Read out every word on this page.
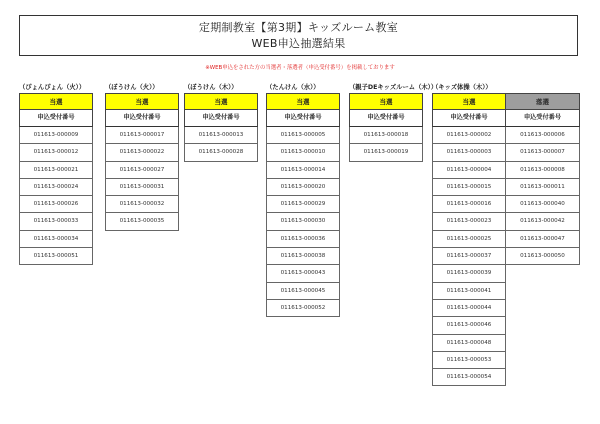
定期制教室【第3期】キッズルーム教室
WEB申込抽選結果
※WEB申込をされた方の当選者・落選者（申込受付番号）を掲載しております
（ぴょんぴょん（火））
当選
申込受付番号
011613-000009
011613-000012
011613-000021
011613-000024
011613-000026
011613-000033
011613-000034
011613-000051
（ぼうけん（火））
当選
申込受付番号
011613-000017
011613-000022
011613-000027
011613-000031
011613-000032
011613-000035
（ぼうけん（木））
当選
申込受付番号
011613-000013
011613-000028
（たんけん（水））
当選
申込受付番号
011613-000005
011613-000010
011613-000014
011613-000020
011613-000029
011613-000030
011613-000036
011613-000038
011613-000043
011613-000045
011613-000052
（親子DEキッズルーム（木））
当選
申込受付番号
011613-000018
011613-000019
（キッズ体操（木））
当選
申込受付番号
011613-000002
011613-000003
011613-000004
011613-000015
011613-000016
011613-000023
011613-000025
011613-000037
011613-000039
011613-000041
011613-000044
011613-000046
011613-000048
011613-000053
011613-000054
落選
申込受付番号
011613-000006
011613-000007
011613-000008
011613-000011
011613-000040
011613-000042
011613-000047
011613-000050
